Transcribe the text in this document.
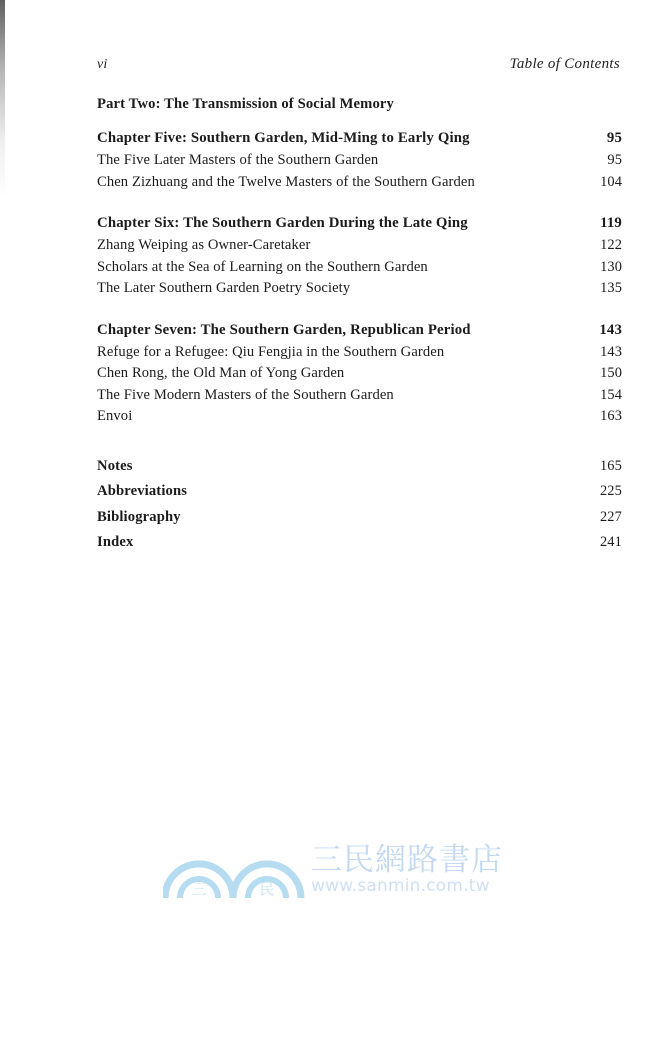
vi	Table of Contents
Part Two: The Transmission of Social Memory
Chapter Five: Southern Garden, Mid-Ming to Early Qing	95
The Five Later Masters of the Southern Garden	95
Chen Zizhuang and the Twelve Masters of the Southern Garden	104
Chapter Six: The Southern Garden During the Late Qing	119
Zhang Weiping as Owner-Caretaker	122
Scholars at the Sea of Learning on the Southern Garden	130
The Later Southern Garden Poetry Society	135
Chapter Seven: The Southern Garden, Republican Period	143
Refuge for a Refugee: Qiu Fengjia in the Southern Garden	143
Chen Rong, the Old Man of Yong Garden	150
The Five Modern Masters of the Southern Garden	154
Envoi	163
Notes	165
Abbreviations	225
Bibliography	227
Index	241
三	民
三民網路書店
www.sanmin.com.tw
